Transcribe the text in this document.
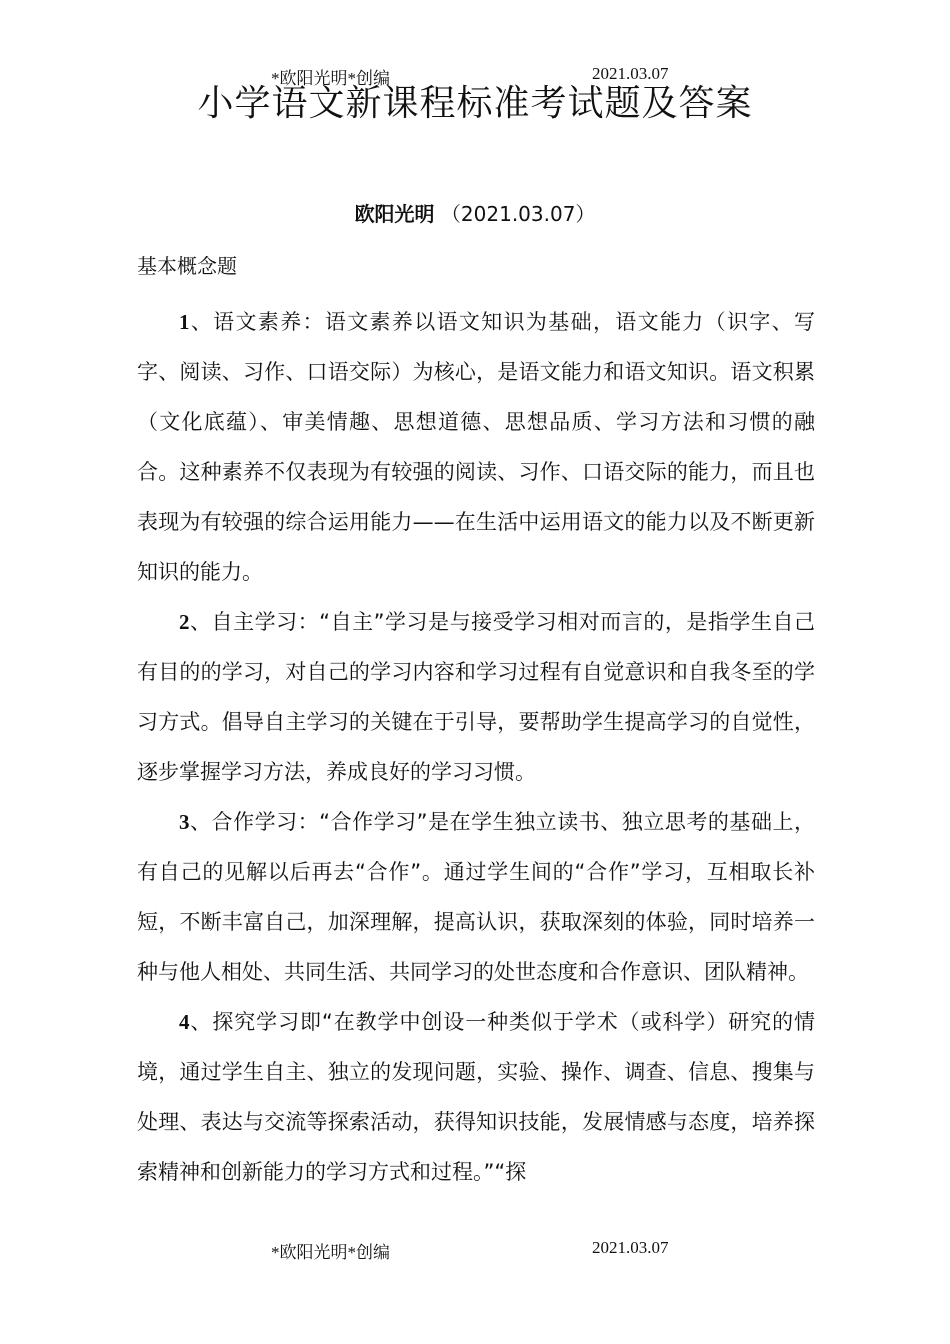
*欧阳光明*创编	2021.03.07
小学语文新课程标准考试题及答案
欧阳光明 （2021.03.07）
基本概念题

1、语文素养：语文素养以语文知识为基础，语文能力（识字、写字、阅读、习作、口语交际）为核心，是语文能力和语文知识。语文积累（文化底蕴）、审美情趣、思想道德、思想品质、学习方法和习惯的融合。这种素养不仅表现为有较强的阅读、习作、口语交际的能力，而且也表现为有较强的综合运用能力——在生活中运用语文的能力以及不断更新知识的能力。

2、自主学习：“自主”学习是与接受学习相对而言的，是指学生自己有目的的学习，对自己的学习内容和学习过程有自觉意识和自我冬至的学习方式。倡导自主学习的关键在于引导，要帮助学生提高学习的自觉性，逐步掌握学习方法，养成良好的学习习惯。

3、合作学习：“合作学习”是在学生独立读书、独立思考的基础上，有自己的见解以后再去“合作”。通过学生间的“合作”学习，互相取长补短，不断丰富自己，加深理解，提高认识，获取深刻的体验，同时培养一种与他人相处、共同生活、共同学习的处世态度和合作意识、团队精神。

4、探究学习即“在教学中创设一种类似于学术（或科学）研究的情境，通过学生自主、独立的发现问题，实验、操作、调查、信息、搜集与处理、表达与交流等探索活动，获得知识技能，发展情感与态度，培养探索精神和创新能力的学习方式和过程。”“探

*欧阳光明*创编	2021.03.07
